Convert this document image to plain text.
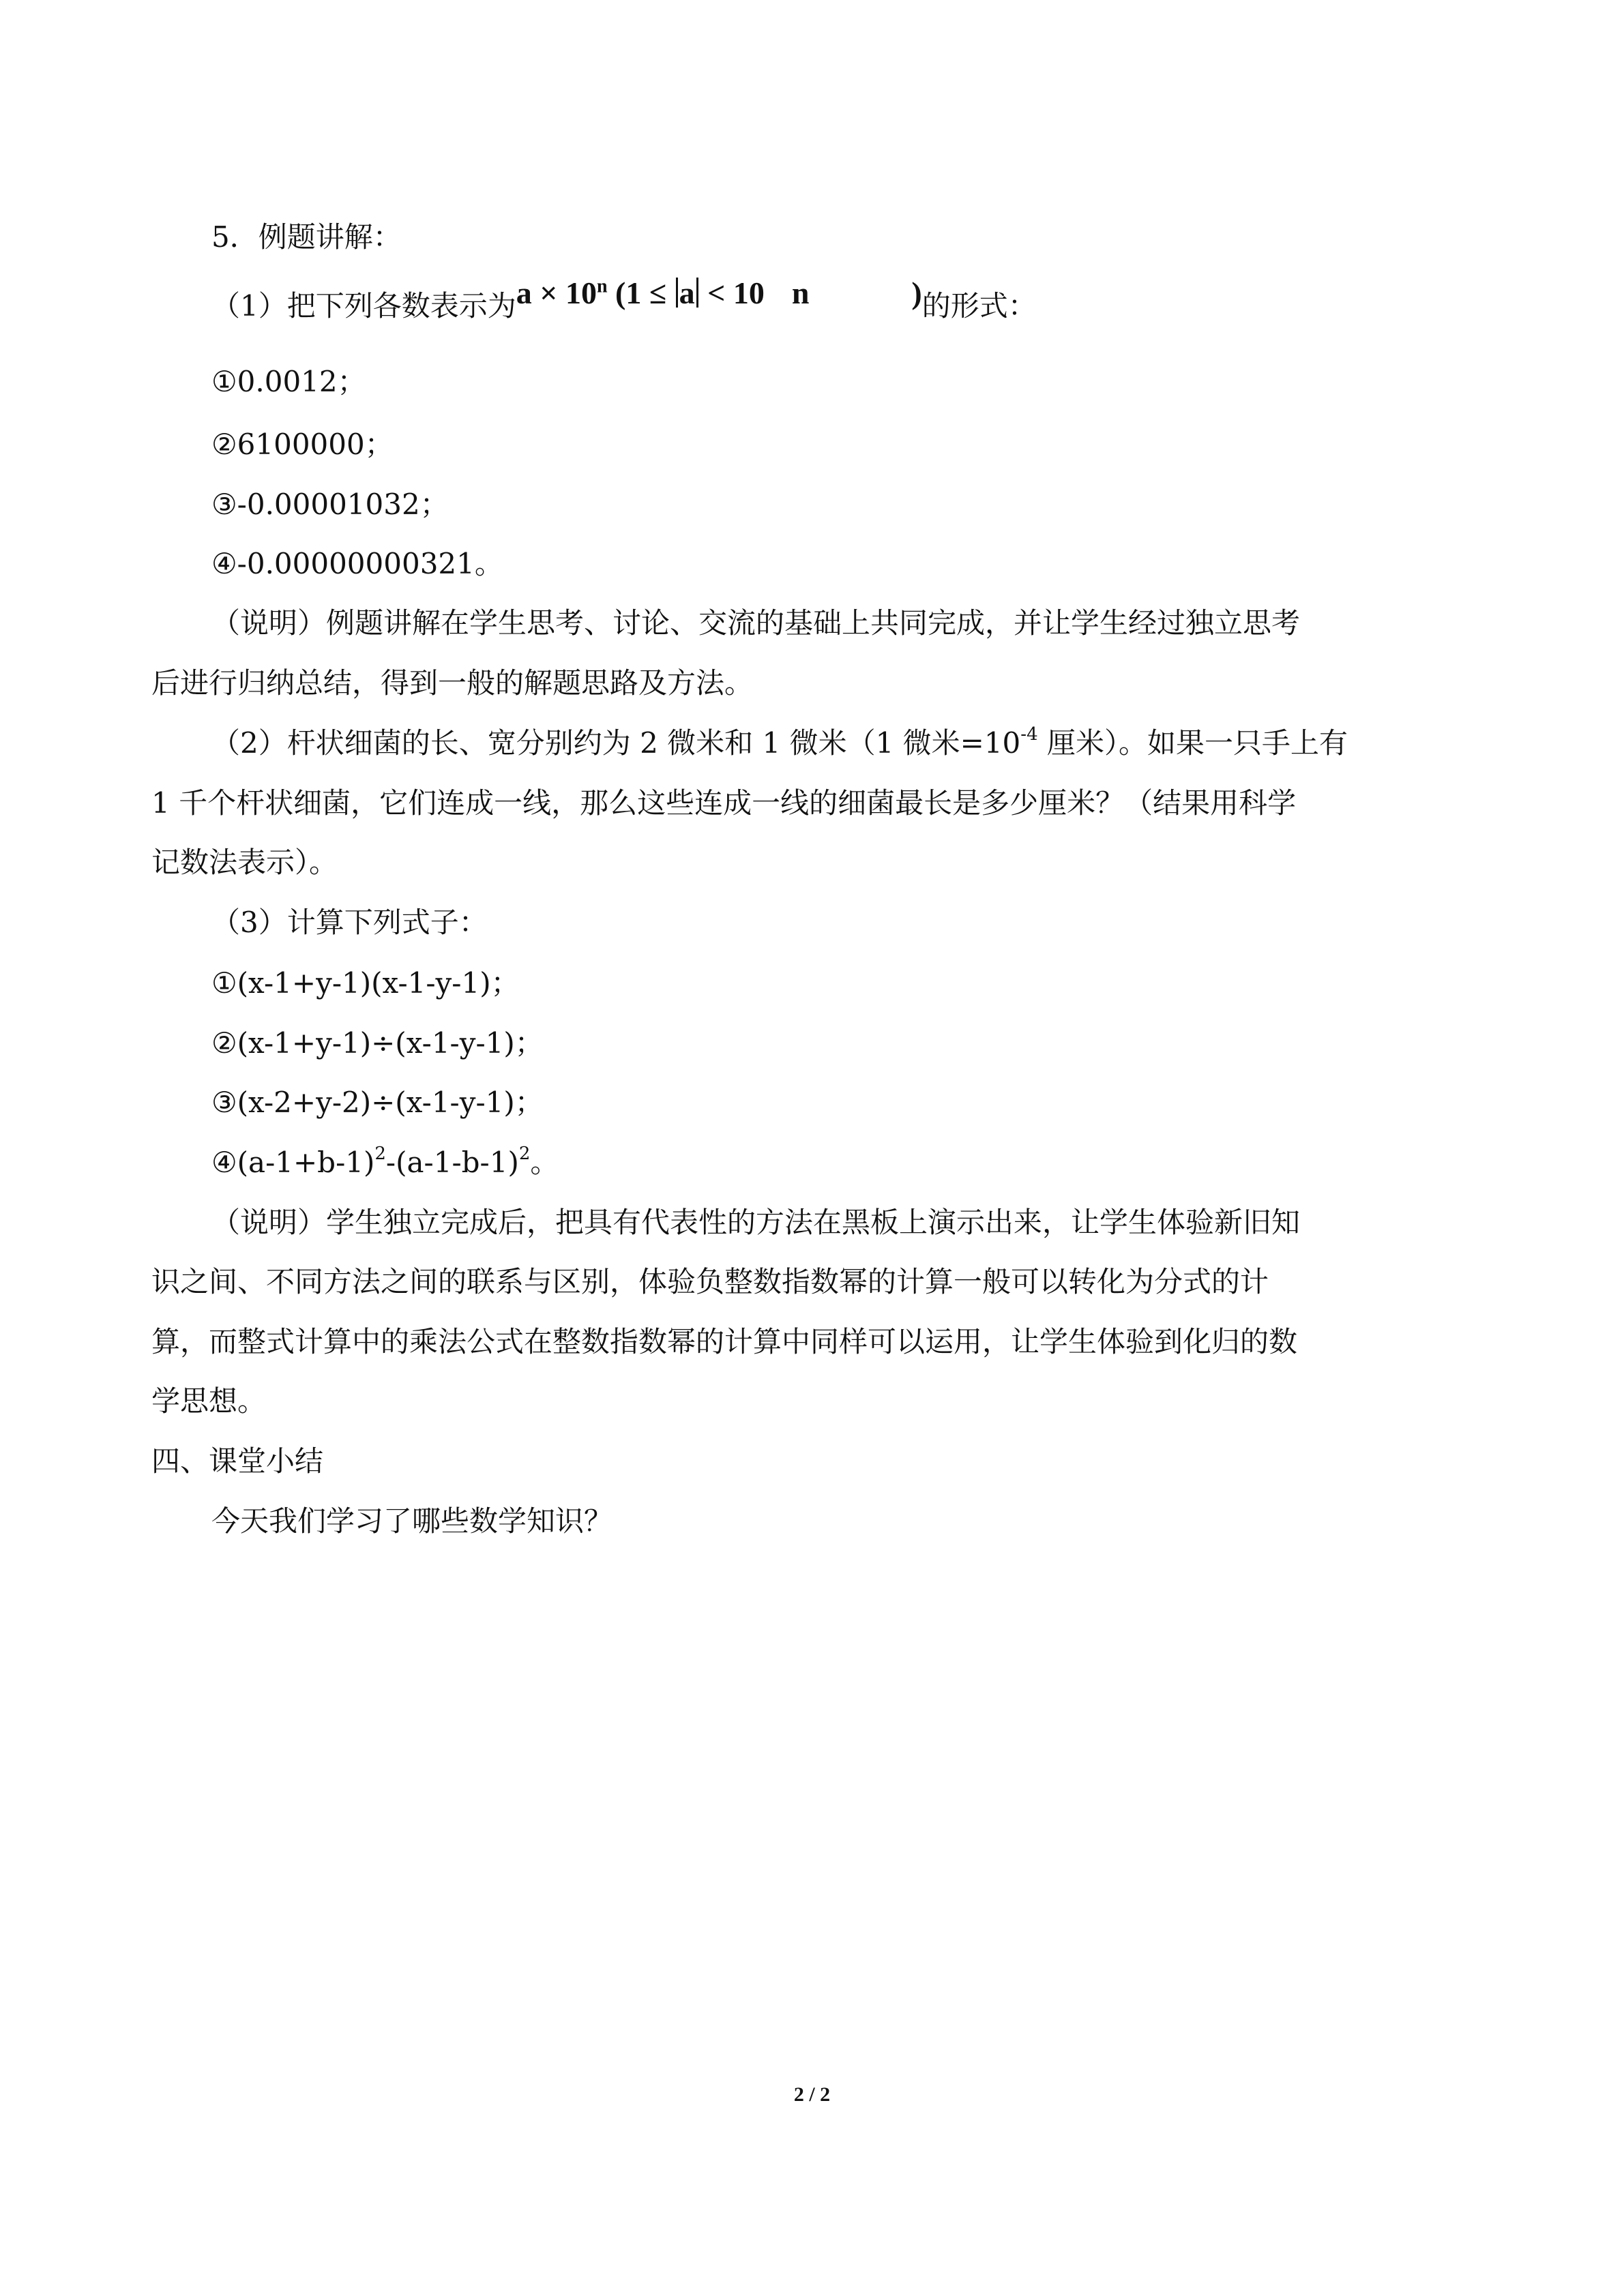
5．例题讲解：
（1）把下列各数表示为$a \times 10^n$ (1 ≤ a < 10 n	)的形式：
①0.0012；
②6100000；
③-0.00001032；
④-0.00000000321。
（说明）例题讲解在学生思考、讨论、交流的基础上共同完成，并让学生经过独立思考
后进行归纳总结，得到一般的解题思路及方法。
（2）杆状细菌的长、宽分别约为 2 微米和 1 微米（1 微米$=10^{-4}$ 厘米）。如果一只手上有
1 千个杆状细菌，它们连成一线，那么这些连成一线的细菌最长是多少厘米？（结果用科学
记数法表示）。
（3）计算下列式子：
①(x-1+y-1)(x-1-y-1)；
②(x-1+y-1)÷(x-1-y-1)；
③(x-2+y-2)÷(x-1-y-1)；
$④(a-1+b-1)^2-(a-1-b-1)^2$。
（说明）学生独立完成后，把具有代表性的方法在黑板上演示出来，让学生体验新旧知
识之间、不同方法之间的联系与区别，体验负整数指数幂的计算一般可以转化为分式的计
算，而整式计算中的乘法公式在整数指数幂的计算中同样可以运用，让学生体验到化归的数
学思想。
四、课堂小结
今天我们学习了哪些数学知识？
2 / 2
